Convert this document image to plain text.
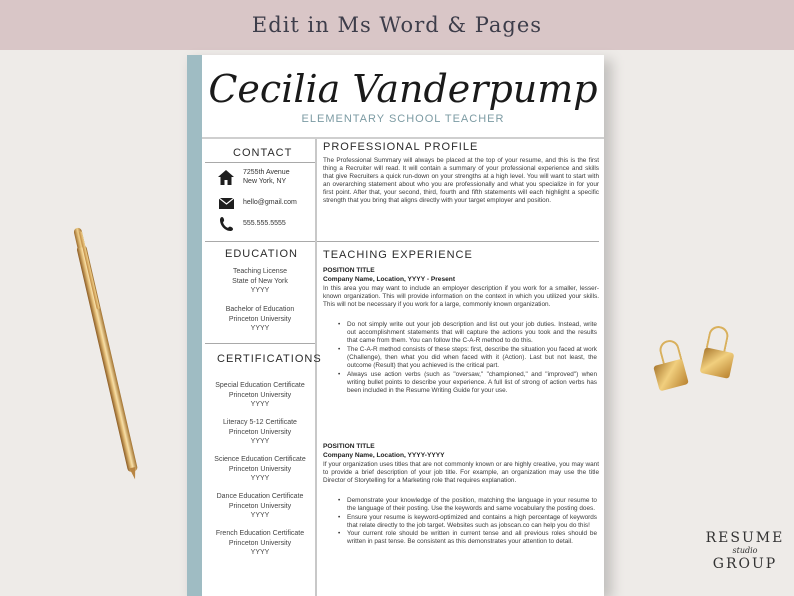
Edit in Ms Word & Pages
Cecilia Vanderpump
ELEMENTARY SCHOOL TEACHER
CONTACT
7255th Avenue
New York, NY
hello@gmail.com
555.555.5555
EDUCATION
Teaching License
State of New York
YYYY
Bachelor of Education
Princeton University
YYYY
CERTIFICATIONS
Special Education Certificate
Princeton University
YYYY
Literacy 5-12 Certificate
Princeton University
YYYY
Science Education Certificate
Princeton University
YYYY
Dance Education Certificate
Princeton University
YYYY
French Education Certificate
Princeton University
YYYY
PROFESSIONAL PROFILE
The Professional Summary will always be placed at the top of your resume, and this is the first thing a Recruiter will read. It will contain a summary of your professional experience and skills that give Recruiters a quick run-down on your strengths at a high level. You will want to start with an overarching statement about who you are professionally and what you specialize in for your first point. After that, your second, third, fourth and fifth statements will each highlight a specific strength that you bring that aligns directly with your target employer and position.
TEACHING EXPERIENCE
POSITION TITLE
Company Name, Location, YYYY - Present
In this area you may want to include an employer description if you work for a smaller, lesser-known organization. This will provide information on the context in which you utilized your skills. This will not be necessary if you work for a large, commonly known organization.
• Do not simply write out your job description and list out your job duties. Instead, write out accomplishment statements that will capture the actions you took and the results that came from them. You can follow the C-A-R method to do this.
• The C-A-R method consists of these steps: first, describe the situation you faced at work (Challenge), then what you did when faced with it (Action). Last but not least, the outcome (Result) that you achieved is the critical part.
• Always use action verbs (such as "oversaw," "championed," and "improved") when writing bullet points to describe your experience. A full list of strong of action verbs has been included in the Resume Writing Guide for your use.
POSITION TITLE
Company Name, Location, YYYY-YYYY
If your organization uses titles that are not commonly known or are highly creative, you may want to provide a brief description of your job title. For example, an organization may use the title Director of Storytelling for a Marketing role that requires explanation.
• Demonstrate your knowledge of the position, matching the language in your resume to the language of their posting. Use the keywords and same vocabulary the posting does.
• Ensure your resume is keyword-optimized and contains a high percentage of keywords that relate directly to the job target. Websites such as jobscan.co can help you do this!
• Your current role should be written in current tense and all previous roles should be written in past tense. Be consistent as this demonstrates your attention to detail.	RESUME
studio
GROUP
